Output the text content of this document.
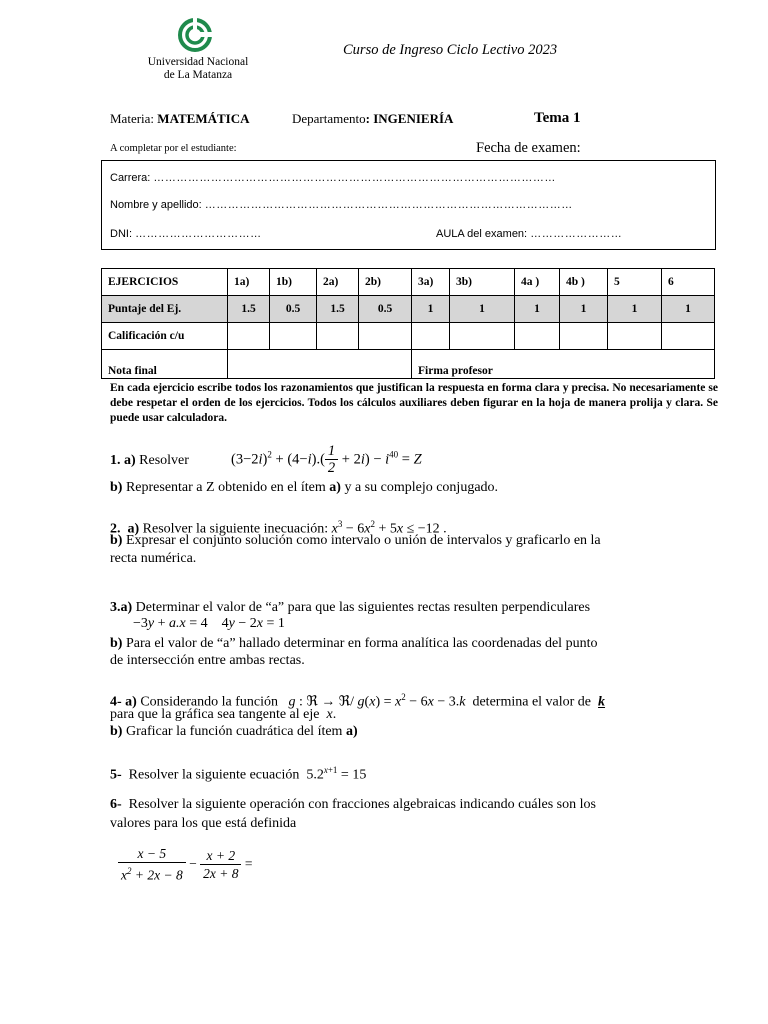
Universidad Nacional
de La Matanza
Curso de Ingreso Ciclo Lectivo 2023
Materia: MATEMÁTICA	Departamento: INGENIERÍA	Tema 1
A completar por el estudiante:	Fecha de examen:
Carrera: ……………………………………………………………………………………………
Nombre y apellido: ……………………………………………………………………………………
DNI: ……………………………	AULA del examen: ……………………
EJERCICIOS	1a)	1b)	2a)	2b)	3a)	3b)	4a )	4b )	5	6
Puntaje del Ej.	1.5	0.5	1.5	0.5	1	1	1	1	1	1
Calificación c/u										
Nota final					Firma profesor					
En cada ejercicio escribe todos los razonamientos que justifican la respuesta en forma clara y precisa. No necesariamente se debe respetar el orden de los ejercicios. Todos los cálculos auxiliares deben figurar en la hoja de manera prolija y clara. Se puede usar calculadora.
1. a) Resolver	$(3-2i)^2 + (4-i).( \frac{1}{2} + 2i) - i^{40} = Z$
b) Representar a Z obtenido en el ítem a) y a su complejo conjugado.
2. a) Resolver la siguiente inecuación: $x^3 - 6x^2 + 5x \le -12$ .
b) Expresar el conjunto solución como intervalo o unión de intervalos y graficarlo en la
recta numérica.
3.a) Determinar el valor de “a” para que las siguientes rectas resulten perpendiculares
−3y + a.x = 4    4y − 2x = 1
b) Para el valor de “a” hallado determinar en forma analítica las coordenadas del punto
de intersección entre ambas rectas.
4- a) Considerando la función g : ℜ → ℜ/ $g(x) = x^2 - 6x - 3.k$ determina el valor de k
para que la gráfica sea tangente al eje x.
b) Graficar la función cuadrática del ítem a)
5- Resolver la siguiente ecuación  $5.2^{x+1} = 15$
6- Resolver la siguiente operación con fracciones algebraicas indicando cuáles son los
valores para los que está definida
$\frac{x - 5}{x^2 + 2x - 8} - \frac{x + 2}{2x + 8}$ =
